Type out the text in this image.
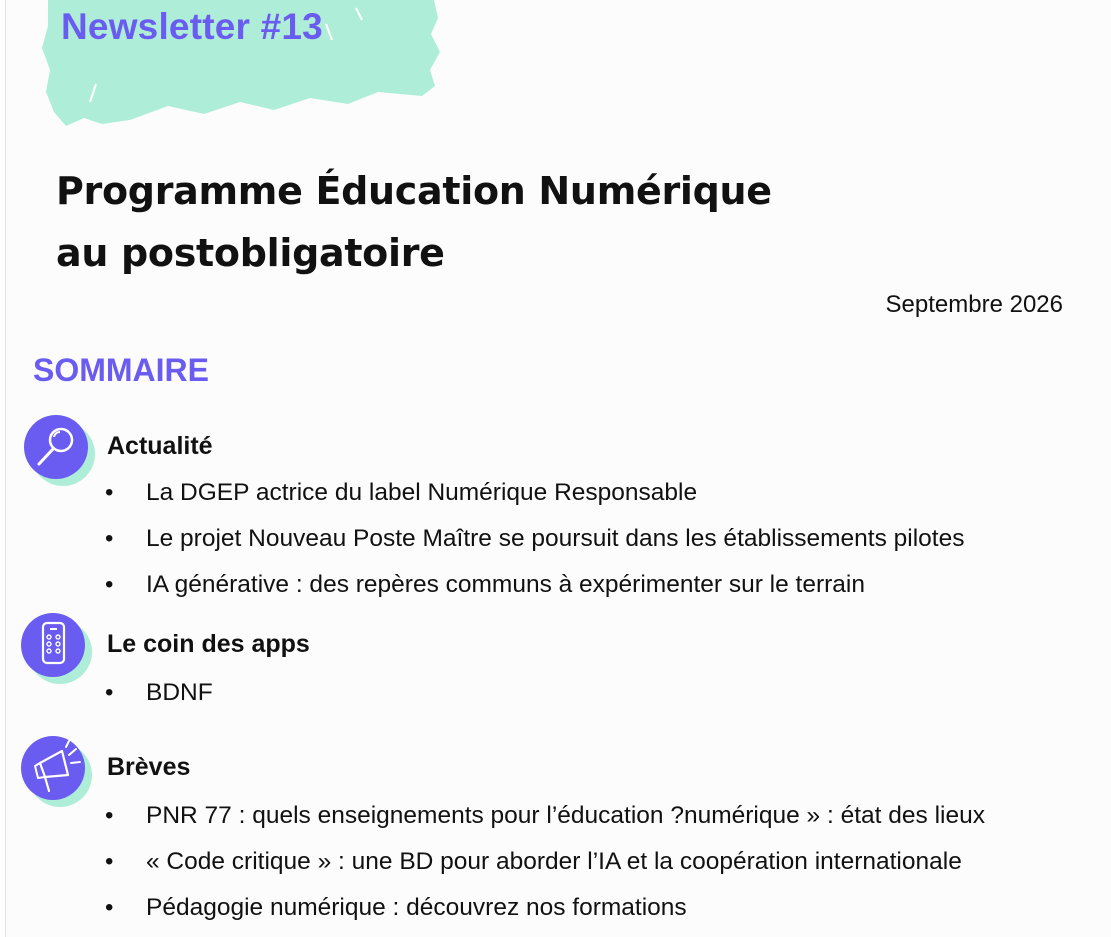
Newsletter #13
Programme Éducation Numérique
au postobligatoire
Septembre 2026
SOMMAIRE
Actualité
• La DGEP actrice du label Numérique Responsable
• Le projet Nouveau Poste Maître se poursuit dans les établissements pilotes
• IA générative : des repères communs à expérimenter sur le terrain
Le coin des apps
• BDNF
Brèves
• PNR 77 : quels enseignements pour l’éducation ?numérique » : état des lieux
• « Code critique » : une BD pour aborder l’IA et la coopération internationale
• Pédagogie numérique : découvrez nos formations
